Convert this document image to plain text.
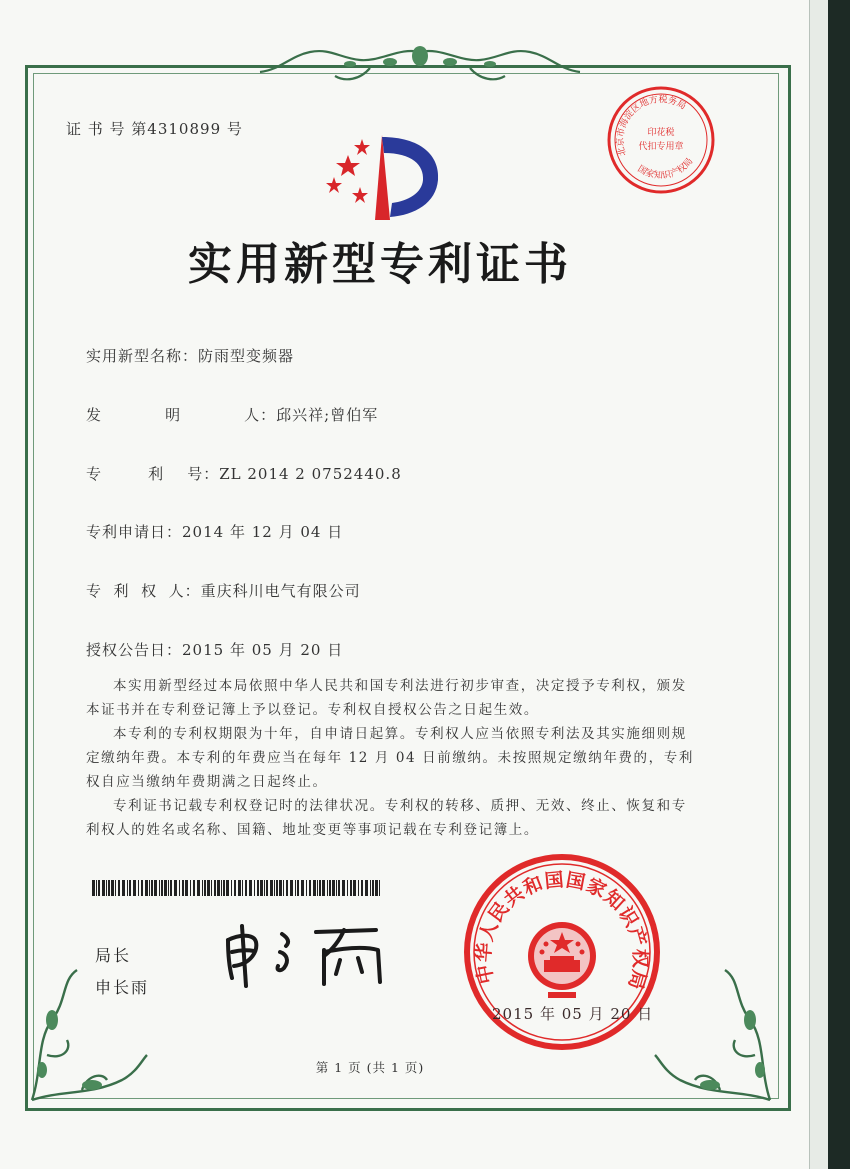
证 书 号 第4310899 号
实用新型专利证书
实用新型名称：防雨型变频器
发    明    人：邱兴祥;曾伯军
专        利    号：ZL 2014 2 0752440.8
专利申请日：2014 年 12 月 04 日
专  利  权  人：重庆科川电气有限公司
授权公告日：2015 年 05 月 20 日

本实用新型经过本局依照中华人民共和国专利法进行初步审查，决定授予专利权，颁发本证书并在专利登记簿上予以登记。专利权自授权公告之日起生效。

本专利的专利权期限为十年，自申请日起算。专利权人应当依照专利法及其实施细则规定缴纳年费。本专利的年费应当在每年 12 月 04 日前缴纳。未按照规定缴纳年费的，专利权自应当缴纳年费期满之日起终止。

专利证书记载专利权登记时的法律状况。专利权的转移、质押、无效、终止、恢复和专利权人的姓名或名称、国籍、地址变更等事项记载在专利登记簿上。

局长
申长雨
中华人民共和国国家知识产权局
2015 年 05 月 20 日
北京市海淀区地方税务局
国家知识产权局
印花税
代扣专用章
第 1 页 (共 1 页)
